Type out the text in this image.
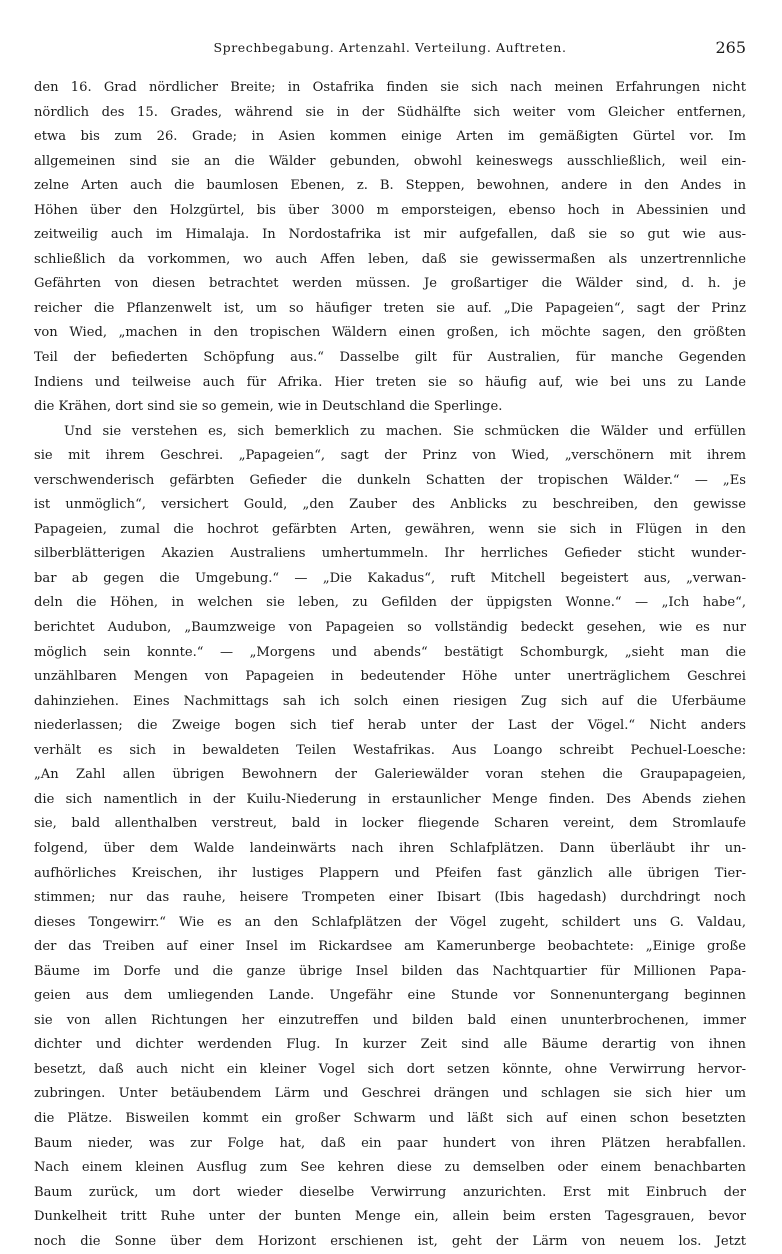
Sprechbegabung. Artenzahl. Verteilung. Auftreten.	265
den 16. Grad nördlicher Breite; in Ostafrika finden sie sich nach meinen Erfahrungen nicht
nördlich des 15. Grades, während sie in der Südhälfte sich weiter vom Gleicher entfernen,
etwa bis zum 26. Grade; in Asien kommen einige Arten im gemäßigten Gürtel vor. Im
allgemeinen sind sie an die Wälder gebunden, obwohl keineswegs ausschließlich, weil ein-
zelne Arten auch die baumlosen Ebenen, z. B. Steppen, bewohnen, andere in den Andes in
Höhen über den Holzgürtel, bis über 3000 m emporsteigen, ebenso hoch in Abessinien und
zeitweilig auch im Himalaja. In Nordostafrika ist mir aufgefallen, daß sie so gut wie aus-
schließlich da vorkommen, wo auch Affen leben, daß sie gewissermaßen als unzertrennliche
Gefährten von diesen betrachtet werden müssen. Je großartiger die Wälder sind, d. h. je
reicher die Pflanzenwelt ist, um so häufiger treten sie auf. „Die Papageien“, sagt der Prinz
von Wied, „machen in den tropischen Wäldern einen großen, ich möchte sagen, den größten
Teil der befiederten Schöpfung aus.“ Dasselbe gilt für Australien, für manche Gegenden
Indiens und teilweise auch für Afrika. Hier treten sie so häufig auf, wie bei uns zu Lande
die Krähen, dort sind sie so gemein, wie in Deutschland die Sperlinge.
Und sie verstehen es, sich bemerklich zu machen. Sie schmücken die Wälder und erfüllen
sie mit ihrem Geschrei. „Papageien“, sagt der Prinz von Wied, „verschönern mit ihrem
verschwenderisch gefärbten Gefieder die dunkeln Schatten der tropischen Wälder.“ — „Es
ist unmöglich“, versichert Gould, „den Zauber des Anblicks zu beschreiben, den gewisse
Papageien, zumal die hochrot gefärbten Arten, gewähren, wenn sie sich in Flügen in den
silberblätterigen Akazien Australiens umhertummeln. Ihr herrliches Gefieder sticht wunder-
bar ab gegen die Umgebung.“ — „Die Kakadus“, ruft Mitchell begeistert aus, „verwan-
deln die Höhen, in welchen sie leben, zu Gefilden der üppigsten Wonne.“ — „Ich habe“,
berichtet Audubon, „Baumzweige von Papageien so vollständig bedeckt gesehen, wie es nur
möglich sein konnte.“ — „Morgens und abends“ bestätigt Schomburgk, „sieht man die
unzählbaren Mengen von Papageien in bedeutender Höhe unter unerträglichem Geschrei
dahinziehen. Eines Nachmittags sah ich solch einen riesigen Zug sich auf die Uferbäume
niederlassen; die Zweige bogen sich tief herab unter der Last der Vögel.“ Nicht anders
verhält es sich in bewaldeten Teilen Westafrikas. Aus Loango schreibt Pechuel-Loesche:
„An Zahl allen übrigen Bewohnern der Galeriewälder voran stehen die Graupapageien,
die sich namentlich in der Kuilu-Niederung in erstaunlicher Menge finden. Des Abends ziehen
sie, bald allenthalben verstreut, bald in locker fliegende Scharen vereint, dem Stromlaufe
folgend, über dem Walde landeinwärts nach ihren Schlafplätzen. Dann überläubt ihr un-
aufhörliches Kreischen, ihr lustiges Plappern und Pfeifen fast gänzlich alle übrigen Tier-
stimmen; nur das rauhe, heisere Trompeten einer Ibisart (Ibis hagedash) durchdringt noch
dieses Tongewirr.“ Wie es an den Schlafplätzen der Vögel zugeht, schildert uns G. Valdau,
der das Treiben auf einer Insel im Rickardsee am Kamerunberge beobachtete: „Einige große
Bäume im Dorfe und die ganze übrige Insel bilden das Nachtquartier für Millionen Papa-
geien aus dem umliegenden Lande. Ungefähr eine Stunde vor Sonnenuntergang beginnen
sie von allen Richtungen her einzutreffen und bilden bald einen ununterbrochenen, immer
dichter und dichter werdenden Flug. In kurzer Zeit sind alle Bäume derartig von ihnen
besetzt, daß auch nicht ein kleiner Vogel sich dort setzen könnte, ohne Verwirrung hervor-
zubringen. Unter betäubendem Lärm und Geschrei drängen und schlagen sie sich hier um
die Plätze. Bisweilen kommt ein großer Schwarm und läßt sich auf einen schon besetzten
Baum nieder, was zur Folge hat, daß ein paar hundert von ihren Plätzen herabfallen.
Nach einem kleinen Ausflug zum See kehren diese zu demselben oder einem benachbarten
Baum zurück, um dort wieder dieselbe Verwirrung anzurichten. Erst mit Einbruch der
Dunkelheit tritt Ruhe unter der bunten Menge ein, allein beim ersten Tagesgrauen, bevor
noch die Sonne über dem Horizont erschienen ist, geht der Lärm von neuem los. Jetzt
